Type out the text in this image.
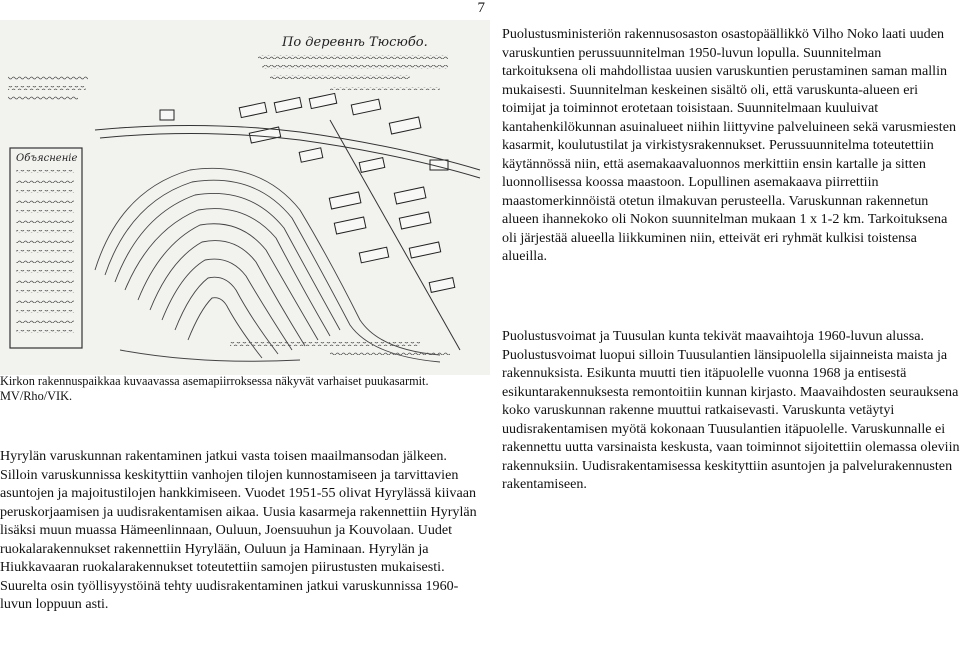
7
По деревнѣ Тюсюбо.
Объясненіе
Kirkon rakennuspaikkaa kuvaavassa asemapiirroksessa näkyvät varhaiset puukasarmit. MV/Rho/VIK.

Hyrylän varuskunnan rakentaminen jatkui vasta toisen maailmansodan jälkeen. Silloin varuskunnissa keskityttiin vanhojen tilojen kunnostamiseen ja tarvittavien asuntojen ja majoitustilojen hankkimiseen. Vuodet 1951-55 olivat Hyrylässä kiivaan peruskorjaamisen ja uudisrakentamisen aikaa. Uusia kasarmeja rakennettiin Hyrylän lisäksi muun muassa Hämeenlinnaan, Ouluun, Joensuuhun ja Kouvolaan. Uudet ruokalarakennukset rakennettiin Hyrylään, Ouluun ja Haminaan. Hyrylän ja Hiukkavaaran ruokalarakennukset toteutettiin samojen piirustusten mukaisesti. Suurelta osin työllisyystöinä tehty uudisrakentaminen jatkui varuskunnissa 1960-luvun loppuun asti.

Puolustusministeriön rakennusosaston osastopäällikkö Vilho Noko laati uuden varuskuntien perussuunnitelman 1950-luvun lopulla. Suunnitelman tarkoituksena oli mahdollistaa uusien varuskuntien perustaminen saman mallin mukaisesti. Suunnitelman keskeinen sisältö oli, että varuskunta-alueen eri toimijat ja toiminnot erotetaan toisistaan. Suunnitelmaan kuuluivat kantahenkilökunnan asuinalueet niihin liittyvine palveluineen sekä varusmiesten kasarmit, koulutustilat ja virkistysrakennukset. Perussuunnitelma toteutettiin käytännössä niin, että asemakaavaluonnos merkittiin ensin kartalle ja sitten luonnollisessa koossa maastoon. Lopullinen asemakaava piirrettiin maastomerkinnöistä otetun ilmakuvan perusteella. Varuskunnan rakennetun alueen ihannekoko oli Nokon suunnitelman mukaan 1 x 1-2 km. Tarkoituksena oli järjestää alueella liikkuminen niin, etteivät eri ryhmät kulkisi toistensa alueilla.

Puolustusvoimat ja Tuusulan kunta tekivät maavaihtoja 1960-luvun alussa. Puolustusvoimat luopui silloin Tuusulantien länsipuolella sijainneista maista ja rakennuksista. Esikunta muutti tien itäpuolelle vuonna 1968 ja entisestä esikuntarakennuksesta remontoitiin kunnan kirjasto. Maavaihdosten seurauksena koko varuskunnan rakenne muuttui ratkaisevasti. Varuskunta vetäytyi uudisrakentamisen myötä kokonaan Tuusulantien itäpuolelle. Varuskunnalle ei rakennettu uutta varsinaista keskusta, vaan toiminnot sijoitettiin olemassa oleviin rakennuksiin. Uudisrakentamisessa keskityttiin asuntojen ja palvelurakennusten rakentamiseen.
